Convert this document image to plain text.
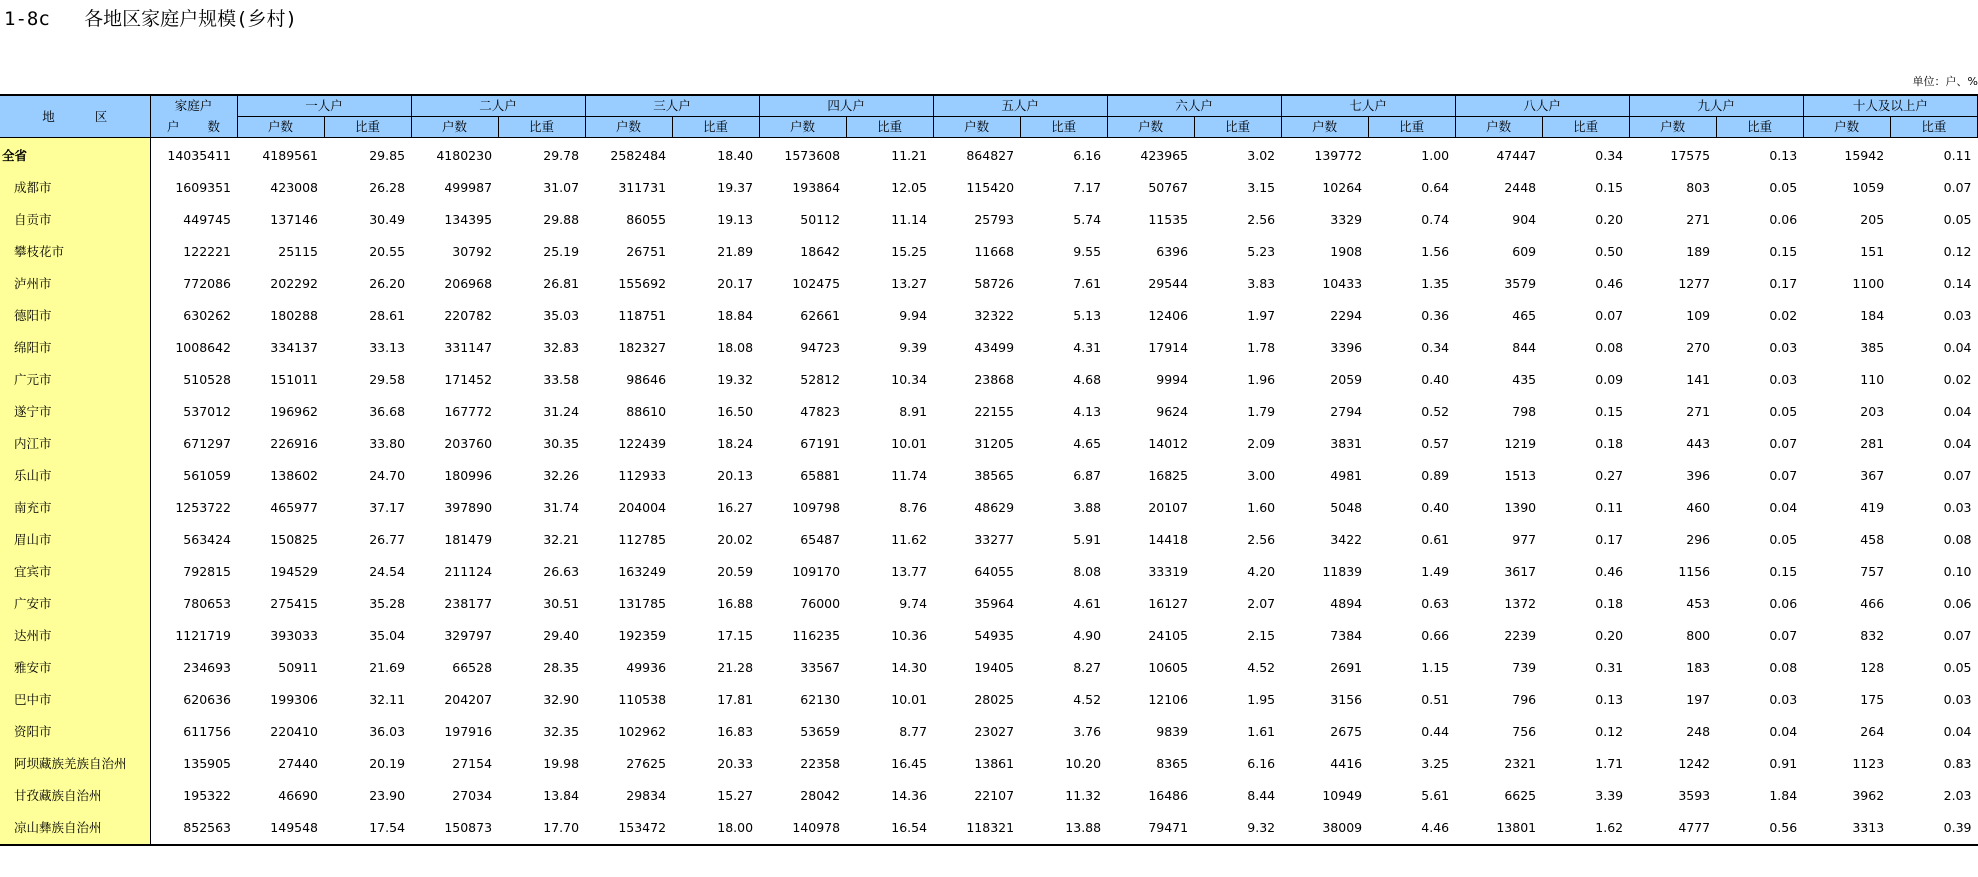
1-8c   各地区家庭户规模(乡村)
单位：户、%
地 区	家庭户	一人户		二人户		三人户		四人户		五人户		六人户		七人户		八人户		九人户		十人及以上户	
	户 数	户数	比重	户数	比重	户数	比重	户数	比重	户数	比重	户数	比重	户数	比重	户数	比重	户数	比重	户数	比重
全省	14035411	4189561	29.85	4180230	29.78	2582484	18.40	1573608	11.21	864827	6.16	423965	3.02	139772	1.00	47447	0.34	17575	0.13	15942	0.11
成都市	1609351	423008	26.28	499987	31.07	311731	19.37	193864	12.05	115420	7.17	50767	3.15	10264	0.64	2448	0.15	803	0.05	1059	0.07
自贡市	449745	137146	30.49	134395	29.88	86055	19.13	50112	11.14	25793	5.74	11535	2.56	3329	0.74	904	0.20	271	0.06	205	0.05
攀枝花市	122221	25115	20.55	30792	25.19	26751	21.89	18642	15.25	11668	9.55	6396	5.23	1908	1.56	609	0.50	189	0.15	151	0.12
泸州市	772086	202292	26.20	206968	26.81	155692	20.17	102475	13.27	58726	7.61	29544	3.83	10433	1.35	3579	0.46	1277	0.17	1100	0.14
德阳市	630262	180288	28.61	220782	35.03	118751	18.84	62661	9.94	32322	5.13	12406	1.97	2294	0.36	465	0.07	109	0.02	184	0.03
绵阳市	1008642	334137	33.13	331147	32.83	182327	18.08	94723	9.39	43499	4.31	17914	1.78	3396	0.34	844	0.08	270	0.03	385	0.04
广元市	510528	151011	29.58	171452	33.58	98646	19.32	52812	10.34	23868	4.68	9994	1.96	2059	0.40	435	0.09	141	0.03	110	0.02
遂宁市	537012	196962	36.68	167772	31.24	88610	16.50	47823	8.91	22155	4.13	9624	1.79	2794	0.52	798	0.15	271	0.05	203	0.04
内江市	671297	226916	33.80	203760	30.35	122439	18.24	67191	10.01	31205	4.65	14012	2.09	3831	0.57	1219	0.18	443	0.07	281	0.04
乐山市	561059	138602	24.70	180996	32.26	112933	20.13	65881	11.74	38565	6.87	16825	3.00	4981	0.89	1513	0.27	396	0.07	367	0.07
南充市	1253722	465977	37.17	397890	31.74	204004	16.27	109798	8.76	48629	3.88	20107	1.60	5048	0.40	1390	0.11	460	0.04	419	0.03
眉山市	563424	150825	26.77	181479	32.21	112785	20.02	65487	11.62	33277	5.91	14418	2.56	3422	0.61	977	0.17	296	0.05	458	0.08
宜宾市	792815	194529	24.54	211124	26.63	163249	20.59	109170	13.77	64055	8.08	33319	4.20	11839	1.49	3617	0.46	1156	0.15	757	0.10
广安市	780653	275415	35.28	238177	30.51	131785	16.88	76000	9.74	35964	4.61	16127	2.07	4894	0.63	1372	0.18	453	0.06	466	0.06
达州市	1121719	393033	35.04	329797	29.40	192359	17.15	116235	10.36	54935	4.90	24105	2.15	7384	0.66	2239	0.20	800	0.07	832	0.07
雅安市	234693	50911	21.69	66528	28.35	49936	21.28	33567	14.30	19405	8.27	10605	4.52	2691	1.15	739	0.31	183	0.08	128	0.05
巴中市	620636	199306	32.11	204207	32.90	110538	17.81	62130	10.01	28025	4.52	12106	1.95	3156	0.51	796	0.13	197	0.03	175	0.03
资阳市	611756	220410	36.03	197916	32.35	102962	16.83	53659	8.77	23027	3.76	9839	1.61	2675	0.44	756	0.12	248	0.04	264	0.04
阿坝藏族羌族自治州	135905	27440	20.19	27154	19.98	27625	20.33	22358	16.45	13861	10.20	8365	6.16	4416	3.25	2321	1.71	1242	0.91	1123	0.83
甘孜藏族自治州	195322	46690	23.90	27034	13.84	29834	15.27	28042	14.36	22107	11.32	16486	8.44	10949	5.61	6625	3.39	3593	1.84	3962	2.03
凉山彝族自治州	852563	149548	17.54	150873	17.70	153472	18.00	140978	16.54	118321	13.88	79471	9.32	38009	4.46	13801	1.62	4777	0.56	3313	0.39
